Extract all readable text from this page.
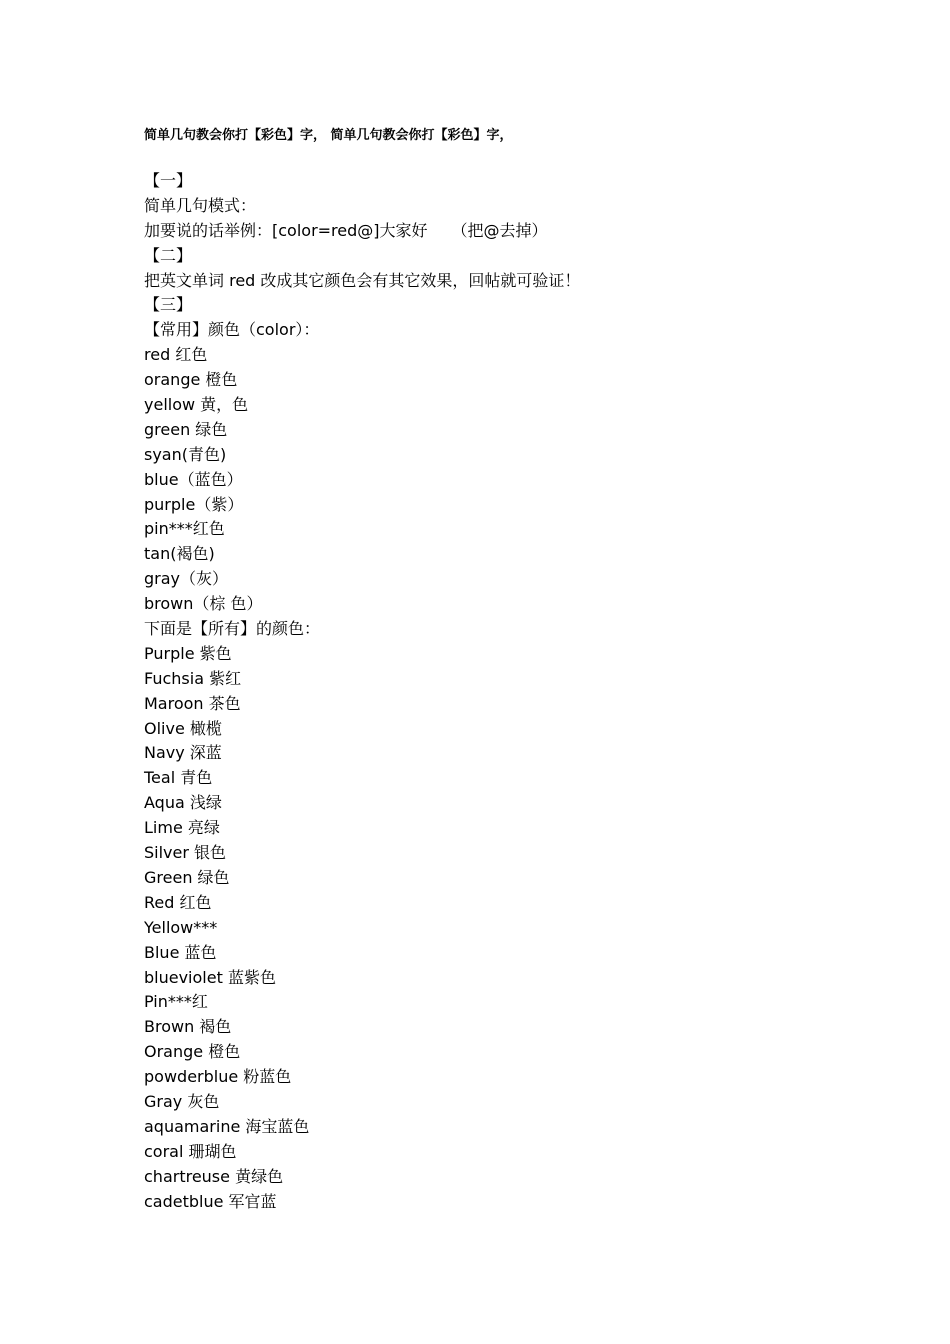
简单几句教会你打【彩色】字， 简单几句教会你打【彩色】字，
【一】
简单几句模式：
加要说的话举例：[color=red@]大家好　　（把@去掉）
【二】
把英文单词 red 改成其它颜色会有其它效果，回帖就可验证！
【三】
【常用】颜色（color）：
red 红色
orange 橙色
yellow 黄，色
green 绿色
syan(青色)
blue（蓝色）
purple（紫）
pin***红色
tan(褐色)
gray（灰）
brown（棕 色）
下面是【所有】的颜色：
Purple 紫色
Fuchsia 紫红
Maroon 茶色
Olive 橄榄
Navy 深蓝
Teal 青色
Aqua 浅绿
Lime 亮绿
Silver 银色
Green 绿色
Red 红色
Yellow***
Blue 蓝色
blueviolet 蓝紫色
Pin***红
Brown 褐色
Orange 橙色
powderblue 粉蓝色
Gray 灰色
aquamarine 海宝蓝色
coral 珊瑚色
chartreuse 黄绿色
cadetblue 军官蓝
